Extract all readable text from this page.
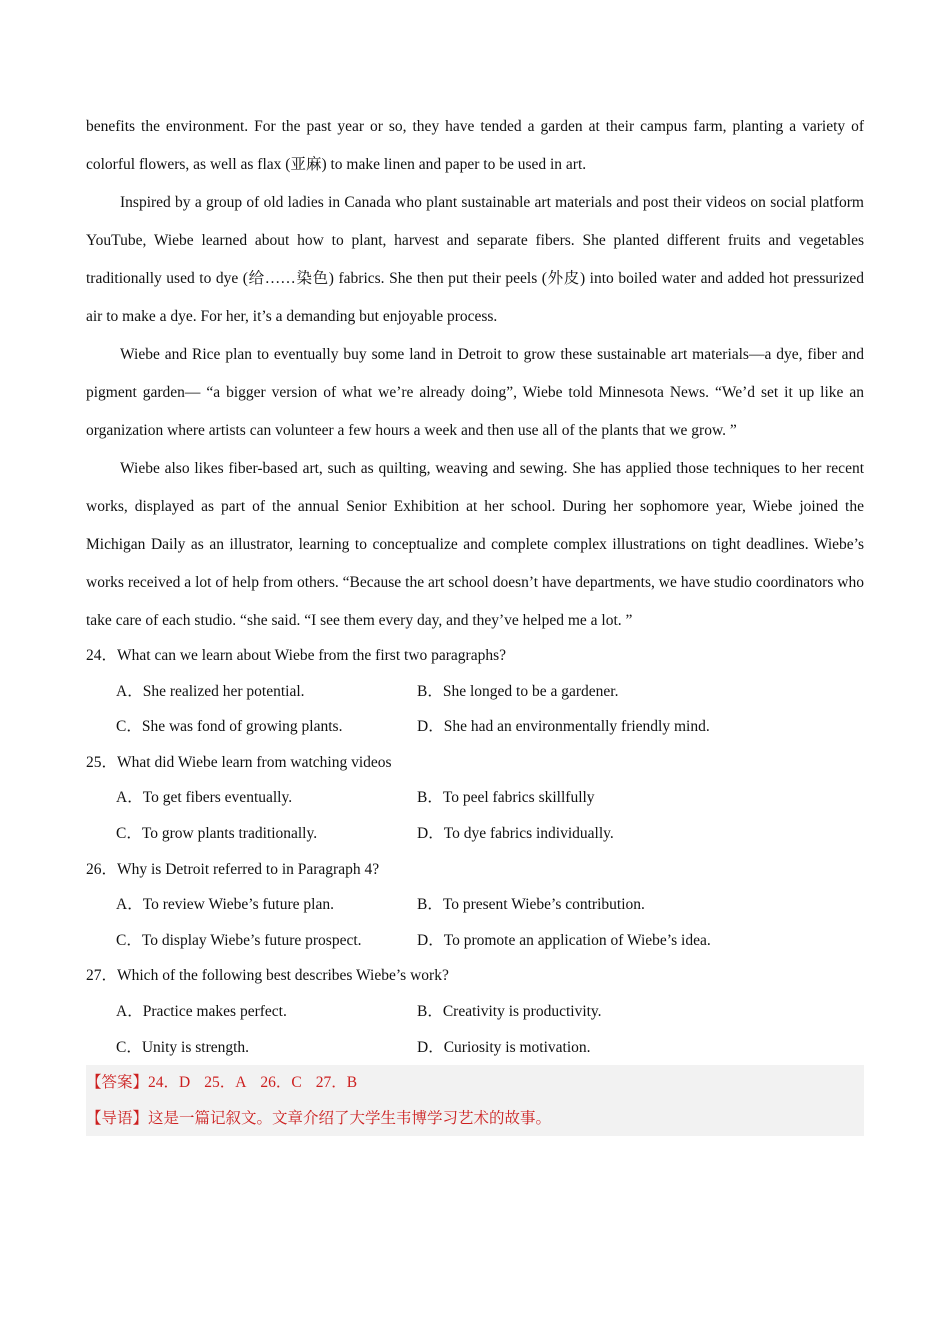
benefits the environment. For the past year or so, they have tended a garden at their campus farm, planting a variety of colorful flowers, as well as flax (亚麻) to make linen and paper to be used in art.

Inspired by a group of old ladies in Canada who plant sustainable art materials and post their videos on social platform YouTube, Wiebe learned about how to plant, harvest and separate fibers. She planted different fruits and vegetables traditionally used to dye (给……染色) fabrics. She then put their peels (外皮) into boiled water and added hot pressurized air to make a dye. For her, it’s a demanding but enjoyable process.

Wiebe and Rice plan to eventually buy some land in Detroit to grow these sustainable art materials—a dye, fiber and pigment garden— “a bigger version of what we’re already doing”, Wiebe told Minnesota News. “We’d set it up like an organization where artists can volunteer a few hours a week and then use all of the plants that we grow. ”

Wiebe also likes fiber-based art, such as quilting, weaving and sewing. She has applied those techniques to her recent works, displayed as part of the annual Senior Exhibition at her school. During her sophomore year, Wiebe joined the Michigan Daily as an illustrator, learning to conceptualize and complete complex illustrations on tight deadlines. Wiebe’s works received a lot of help from others. “Because the art school doesn’t have departments, we have studio coordinators who take care of each studio. “she said. “I see them every day, and they’ve helped me a lot. ”

24．What can we learn about Wiebe from the first two paragraphs?
A．She realized her potential.	B．She longed to be a gardener.
C．She was fond of growing plants.	D．She had an environmentally friendly mind.
25．What did Wiebe learn from watching videos
A．To get fibers eventually.	B．To peel fabrics skillfully
C．To grow plants traditionally.	D．To dye fabrics individually.
26．Why is Detroit referred to in Paragraph 4?
A．To review Wiebe’s future plan.	B．To present Wiebe’s contribution.
C．To display Wiebe’s future prospect.	D．To promote an application of Wiebe’s idea.
27．Which of the following best describes Wiebe’s work?
A．Practice makes perfect.	B．Creativity is productivity.
C．Unity is strength.	D．Curiosity is motivation.
【答案】24．D 25．A 26．C 27．B
【导语】这是一篇记叙文。文章介绍了大学生韦博学习艺术的故事。
